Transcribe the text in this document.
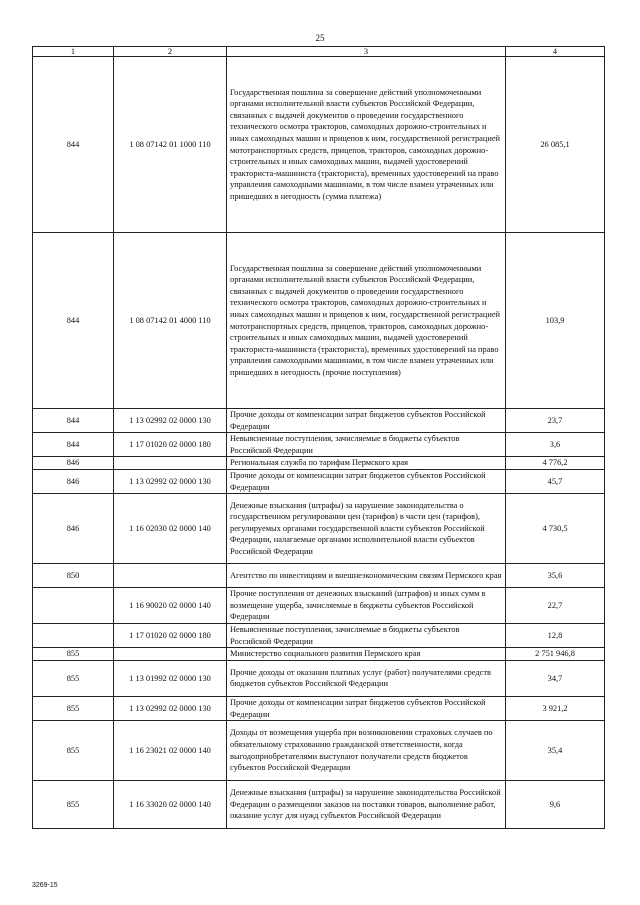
25
1	2	3	4
844	1 08 07142 01 1000 110	Государственная пошлина за совершение действий уполномоченными органами исполнительной власти субъектов Российской Федерации, связанных с выдачей документов о проведении государственного технического осмотра тракторов, самоходных дорожно-строительных и иных самоходных машин и прицепов к ним, государственной регистрацией мототранспортных средств, прицепов, тракторов, самоходных дорожно-строительных и иных самоходных машин, выдачей удостоверений тракториста-машиниста (тракториста), временных удостоверений на право управления самоходными машинами, в том числе взамен утраченных или пришедших в негодность (сумма платежа)	26 085,1
844	1 08 07142 01 4000 110	Государственная пошлина за совершение действий уполномоченными органами исполнительной власти субъектов Российской Федерации, связанных с выдачей документов о проведении государственного технического осмотра тракторов, самоходных дорожно-строительных и иных самоходных машин и прицепов к ним, государственной регистрацией мототранспортных средств, прицепов, тракторов, самоходных дорожно-строительных и иных самоходных машин, выдачей удостоверений тракториста-машиниста (тракториста), временных удостоверений на право управления самоходными машинами, в том числе взамен утраченных или пришедших в негодность (прочие поступления)	103,9
844	1 13 02992 02 0000 130	Прочие доходы от компенсации затрат бюджетов субъектов Российской Федерации	23,7
844	1 17 01020 02 0000 180	Невыясненные поступления, зачисляемые в бюджеты субъектов Российской Федерации	3,6
846		Региональная служба по тарифам Пермского края	4 776,2
846	1 13 02992 02 0000 130	Прочие доходы от компенсации затрат бюджетов субъектов Российской Федерации	45,7
846	1 16 02030 02 0000 140	Денежные взыскания (штрафы) за нарушение законодательства о государственном регулировании цен (тарифов) в части цен (тарифов), регулируемых органами государственной власти субъектов Российской Федерации, налагаемые органами исполнительной власти субъектов Российской Федерации	4 730,5
850		Агентство по инвестициям и внешнеэкономическим связям Пермского края	35,6
	1 16 90020 02 0000 140	Прочие поступления от денежных взысканий (штрафов) и иных сумм в возмещение ущерба, зачисляемые в бюджеты субъектов Российской Федерации	22,7
	1 17 01020 02 0000 180	Невыясненные поступления, зачисляемые в бюджеты субъектов Российской Федерации	12,8
855		Министерство социального развития Пермского края	2 751 946,8
855	1 13 01992 02 0000 130	Прочие доходы от оказания платных услуг (работ) получателями средств бюджетов субъектов Российской Федерации	34,7
855	1 13 02992 02 0000 130	Прочие доходы от компенсации затрат бюджетов субъектов Российской Федерации	3 921,2
855	1 16 23021 02 0000 140	Доходы от возмещения ущерба при возникновении страховых случаев по обязательному страхованию гражданской ответственности, когда выгодоприобретателями выступают получатели средств бюджетов субъектов Российской Федерации	35,4
855	1 16 33020 02 0000 140	Денежные взыскания (штрафы) за нарушение законодательства Российской Федерации о размещении заказов на поставки товаров, выполнение работ, оказание услуг для нужд субъектов Российской Федерации	9,6
3269-15
